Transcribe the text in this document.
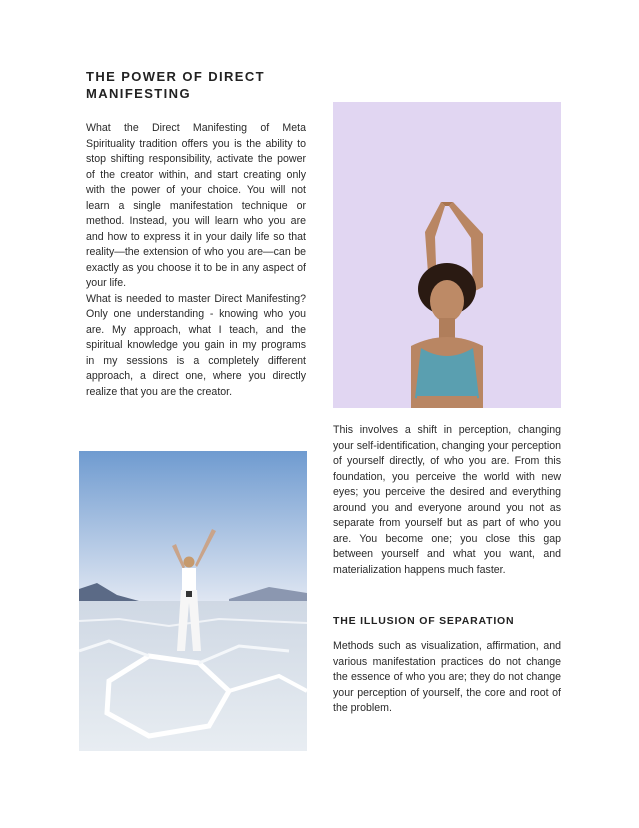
THE POWER OF DIRECT MANIFESTING

What the Direct Manifesting of Meta Spirituality tradition offers you is the ability to stop shifting responsibility, activate the power of the creator within, and start creating only with the power of your choice. You will not learn a single manifestation technique or method. Instead, you will learn who you are and how to express it in your daily life so that reality—the extension of who you are—can be exactly as you choose it to be in any aspect of your life.

What is needed to master Direct Manifesting? Only one understanding - knowing who you are. My approach, what I teach, and the spiritual knowledge you gain in my programs in my sessions is a completely different approach, a direct one, where you directly realize that you are the creator.

This involves a shift in perception, changing your self-identification, changing your perception of yourself directly, of who you are. From this foundation, you perceive the world with new eyes; you perceive the desired and everything around you and everyone around you not as separate from yourself but as part of who you are. You become one; you close this gap between yourself and what you want, and materialization happens much faster.

THE ILLUSION OF SEPARATION

Methods such as visualization, affirmation, and various manifestation practices do not change the essence of who you are; they do not change your perception of yourself, the core and root of the problem.
